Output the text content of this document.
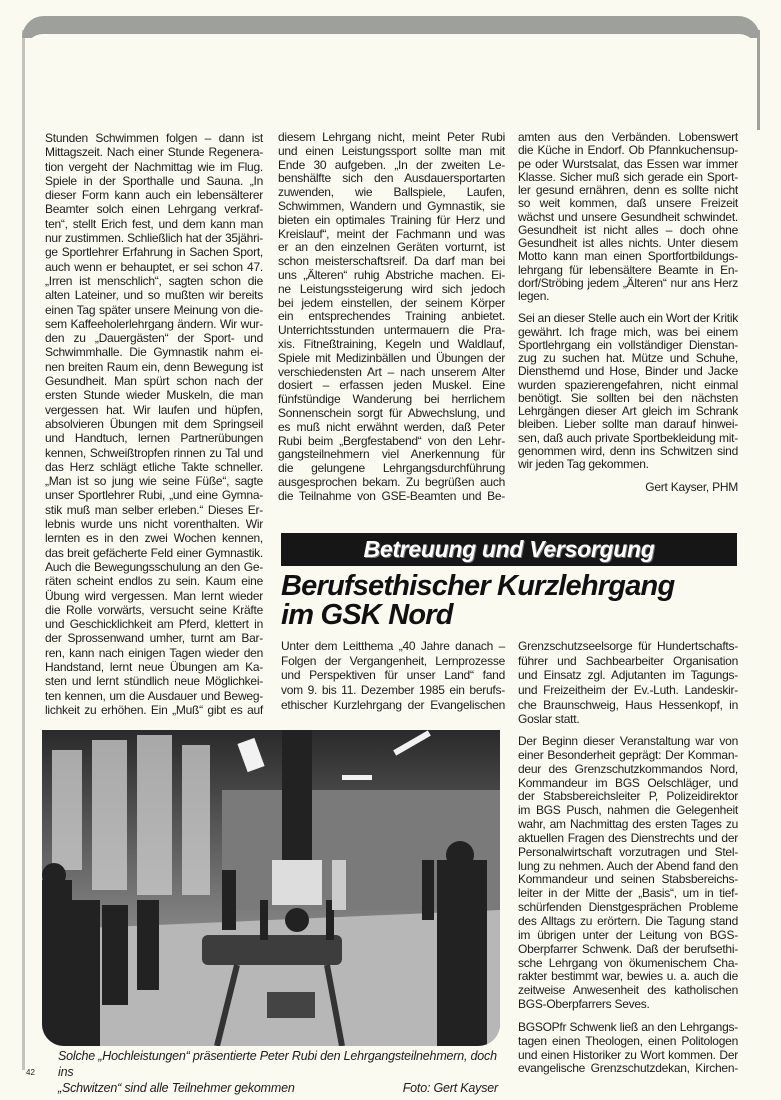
Stunden Schwimmen folgen – dann ist
Mittagszeit. Nach einer Stunde Regenera-
tion vergeht der Nachmittag wie im Flug.
Spiele in der Sporthalle und Sauna. „In
dieser Form kann auch ein lebensälterer
Beamter solch einen Lehrgang verkraf-
ten“, stellt Erich fest, und dem kann man
nur zustimmen. Schließlich hat der 35jähri-
ge Sportlehrer Erfahrung in Sachen Sport,
auch wenn er behauptet, er sei schon 47.
„Irren ist menschlich“, sagten schon die
alten Lateiner, und so mußten wir bereits
einen Tag später unsere Meinung von die-
sem Kaffeeholerlehrgang ändern. Wir wur-
den zu „Dauergästen“ der Sport- und
Schwimmhalle. Die Gymnastik nahm ei-
nen breiten Raum ein, denn Bewegung ist
Gesundheit. Man spürt schon nach der
ersten Stunde wieder Muskeln, die man
vergessen hat. Wir laufen und hüpfen,
absolvieren Übungen mit dem Springseil
und Handtuch, lernen Partnerübungen
kennen, Schweißtropfen rinnen zu Tal und
das Herz schlägt etliche Takte schneller.
„Man ist so jung wie seine Füße“, sagte
unser Sportlehrer Rubi, „und eine Gymna-
stik muß man selber erleben.“ Dieses Er-
lebnis wurde uns nicht vorenthalten. Wir
lernten es in den zwei Wochen kennen,
das breit gefächerte Feld einer Gymnastik.
Auch die Bewegungsschulung an den Ge-
räten scheint endlos zu sein. Kaum eine
Übung wird vergessen. Man lernt wieder
die Rolle vorwärts, versucht seine Kräfte
und Geschicklichkeit am Pferd, klettert in
der Sprossenwand umher, turnt am Bar-
ren, kann nach einigen Tagen wieder den
Handstand, lernt neue Übungen am Ka-
sten und lernt stündlich neue Möglichkei-
ten kennen, um die Ausdauer und Beweg-
lichkeit zu erhöhen. Ein „Muß“ gibt es auf
diesem Lehrgang nicht, meint Peter Rubi
und einen Leistungssport sollte man mit
Ende 30 aufgeben. „In der zweiten Le-
benshälfte sich den Ausdauersportarten
zuwenden, wie Ballspiele, Laufen,
Schwimmen, Wandern und Gymnastik, sie
bieten ein optimales Training für Herz und
Kreislauf“, meint der Fachmann und was
er an den einzelnen Geräten vorturnt, ist
schon meisterschaftsreif. Da darf man bei
uns „Älteren“ ruhig Abstriche machen. Ei-
ne Leistungssteigerung wird sich jedoch
bei jedem einstellen, der seinem Körper
ein entsprechendes Training anbietet.
Unterrichtsstunden untermauern die Pra-
xis. Fitneßtraining, Kegeln und Waldlauf,
Spiele mit Medizinbällen und Übungen der
verschiedensten Art – nach unserem Alter
dosiert – erfassen jeden Muskel. Eine
fünfstündige Wanderung bei herrlichem
Sonnenschein sorgt für Abwechslung, und
es muß nicht erwähnt werden, daß Peter
Rubi beim „Bergfestabend“ von den Lehr-
gangsteilnehmern viel Anerkennung für
die gelungene Lehrgangsdurchführung
ausgesprochen bekam. Zu begrüßen auch
die Teilnahme von GSE-Beamten und Be-
amten aus den Verbänden. Lobenswert
die Küche in Endorf. Ob Pfannkuchensup-
pe oder Wurstsalat, das Essen war immer
Klasse. Sicher muß sich gerade ein Sport-
ler gesund ernähren, denn es sollte nicht
so weit kommen, daß unsere Freizeit
wächst und unsere Gesundheit schwindet.
Gesundheit ist nicht alles – doch ohne
Gesundheit ist alles nichts. Unter diesem
Motto kann man einen Sportfortbildungs-
lehrgang für lebensältere Beamte in En-
dorf/Ströbing jedem „Älteren“ nur ans Herz
legen.
Sei an dieser Stelle auch ein Wort der Kritik
gewährt. Ich frage mich, was bei einem
Sportlehrgang ein vollständiger Dienstan-
zug zu suchen hat. Mütze und Schuhe,
Diensthemd und Hose, Binder und Jacke
wurden spazierengefahren, nicht einmal
benötigt. Sie sollten bei den nächsten
Lehrgängen dieser Art gleich im Schrank
bleiben. Lieber sollte man darauf hinwei-
sen, daß auch private Sportbekleidung mit-
genommen wird, denn ins Schwitzen sind
wir jeden Tag gekommen.
Gert Kayser, PHM
Betreuung und Versorgung
Berufsethischer Kurzlehrgang
im GSK Nord
Unter dem Leitthema „40 Jahre danach –
Folgen der Vergangenheit, Lernprozesse
und Perspektiven für unser Land“ fand
vom 9. bis 11. Dezember 1985 ein berufs-
ethischer Kurzlehrgang der Evangelischen
Grenzschutzseelsorge für Hundertschafts-
führer und Sachbearbeiter Organisation
und Einsatz zgl. Adjutanten im Tagungs-
und Freizeitheim der Ev.-Luth. Landeskir-
che Braunschweig, Haus Hessenkopf, in
Goslar statt.
Der Beginn dieser Veranstaltung war von
einer Besonderheit geprägt: Der Komman-
deur des Grenzschutzkommandos Nord,
Kommandeur im BGS Oelschläger, und
der Stabsbereichsleiter P, Polizeidirektor
im BGS Pusch, nahmen die Gelegenheit
wahr, am Nachmittag des ersten Tages zu
aktuellen Fragen des Dienstrechts und der
Personalwirtschaft vorzutragen und Stel-
lung zu nehmen. Auch der Abend fand den
Kommandeur und seinen Stabsbereichs-
leiter in der Mitte der „Basis“, um in tief-
schürfenden Dienstgesprächen Probleme
des Alltags zu erörtern. Die Tagung stand
im übrigen unter der Leitung von BGS-
Oberpfarrer Schwenk. Daß der berufsethi-
sche Lehrgang von ökumenischem Cha-
rakter bestimmt war, bewies u. a. auch die
zeitweise Anwesenheit des katholischen
BGS-Oberpfarrers Seves.
BGSOPfr Schwenk ließ an den Lehrgangs-
tagen einen Theologen, einen Politologen
und einen Historiker zu Wort kommen. Der
evangelische Grenzschutzdekan, Kirchen-
Solche „Hochleistungen“ präsentierte Peter Rubi den Lehrgangsteilnehmern, doch ins
„Schwitzen“ sind alle Teilnehmer gekommen	Foto: Gert Kayser
42
